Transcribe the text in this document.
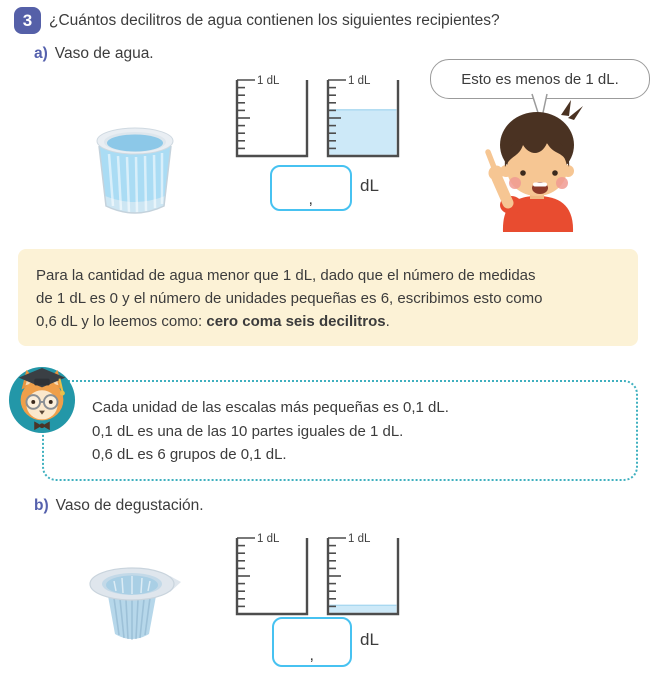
3	¿Cuántos decilitros de agua contienen los siguientes recipientes?
a) Vaso de agua.
1 dL	1 dL
,
dL
Esto es menos de 1 dL.
Para la cantidad de agua menor que 1 dL, dado que el número de medidas
de 1 dL es 0 y el número de unidades pequeñas es 6, escribimos esto como
0,6 dL y lo leemos como: cero coma seis decilitros.
Cada unidad de las escalas más pequeñas es 0,1 dL.
0,1 dL es una de las 10 partes iguales de 1 dL.
0,6 dL es 6 grupos de 0,1 dL.
b) Vaso de degustación.
1 dL	1 dL
,
dL
